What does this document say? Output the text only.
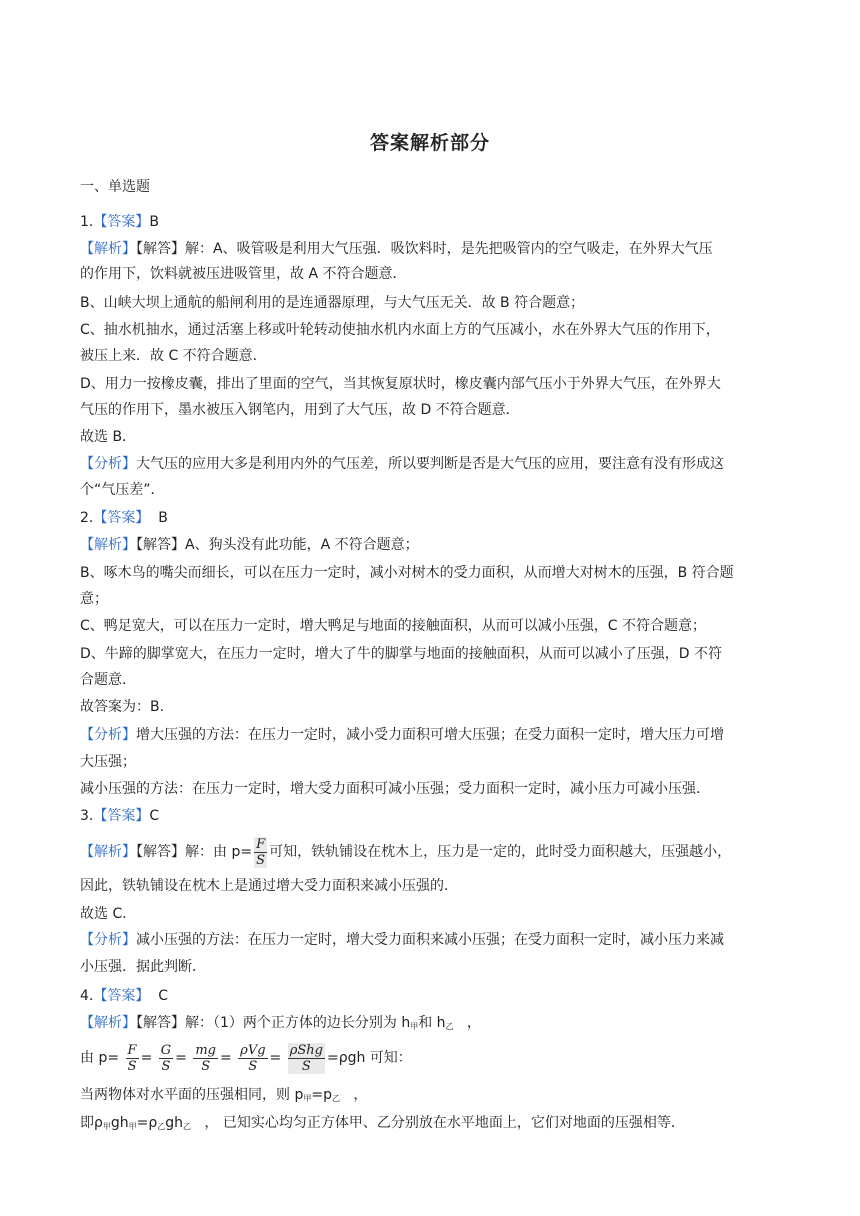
答案解析部分
一、单选题
1.【答案】B
【解析】【解答】解：A、吸管吸是利用大气压强．吸饮料时，是先把吸管内的空气吸走，在外界大气压
的作用下，饮料就被压进吸管里，故 A 不符合题意．
B、山峡大坝上通航的船闸利用的是连通器原理，与大气压无关．故 B 符合题意；
C、抽水机抽水，通过活塞上移或叶轮转动使抽水机内水面上方的气压减小，水在外界大气压的作用下，
被压上来．故 C 不符合题意．
D、用力一按橡皮囊，排出了里面的空气，当其恢复原状时，橡皮囊内部气压小于外界大气压，在外界大
气压的作用下，墨水被压入钢笔内，用到了大气压，故 D 不符合题意．
故选 B．
【分析】大气压的应用大多是利用内外的气压差，所以要判断是否是大气压的应用，要注意有没有形成这
个“气压差”．
2.【答案】 B
【解析】【解答】A、狗头没有此功能，A 不符合题意；
B、啄木鸟的嘴尖而细长，可以在压力一定时，减小对树木的受力面积，从而增大对树木的压强，B 符合题
意；
C、鸭足宽大，可以在压力一定时，增大鸭足与地面的接触面积，从而可以减小压强，C 不符合题意；
D、牛蹄的脚掌宽大，在压力一定时，增大了牛的脚掌与地面的接触面积，从而可以减小了压强，D 不符
合题意．
故答案为：B.
【分析】增大压强的方法：在压力一定时，减小受力面积可增大压强；在受力面积一定时，增大压力可增
大压强；
减小压强的方法：在压力一定时，增大受力面积可减小压强；受力面积一定时，减小压力可减小压强．
3.【答案】C
【解析】【解答】解：由 $p= \frac{F}{S}$ 可知，铁轨铺设在枕木上，压力是一定的，此时受力面积越大，压强越小，
因此，铁轨铺设在枕木上是通过增大受力面积来减小压强的．
故选 C．
【分析】减小压强的方法：在压力一定时，增大受力面积来减小压强；在受力面积一定时，减小压力来减
小压强．据此判断．
4.【答案】 C
【解析】【解答】解：（1）两个正方体的边长分别为 $h_甲$和 $h_乙$ ，
由 $p= \frac{F}{S} = \frac{G}{S} = \frac{mg}{S} = \frac{\text{ρVg}}{S} = \frac{\text{ρShg}}{S} =\rho gh$ 可知：
当两物体对水平面的压强相同，则 $p_甲=p_乙$ ，
即$\rho_甲gh_甲=\rho_乙gh_乙$ ， 已知实心均匀正方体甲、乙分别放在水平地面上，它们对地面的压强相等．
